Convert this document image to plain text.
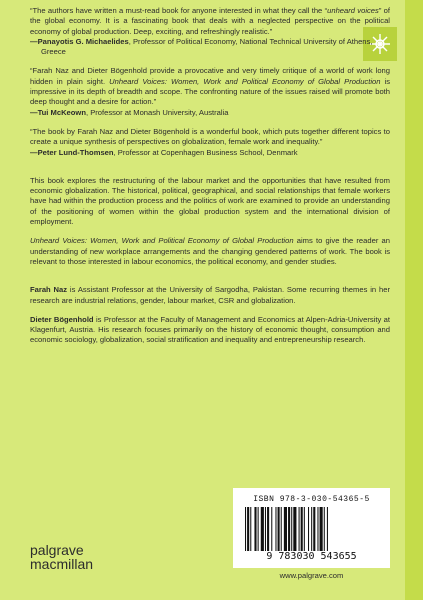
“The authors have written a must-read book for anyone interested in what they call the “unheard voices” of the global economy. It is a fascinating book that deals with a neglected perspective on the political economy of global production. Deep, exciting, and refreshingly realistic.”

—Panayotis G. Michaelides, Professor of Political Economy, National Technical University of Athens, Greece

“Farah Naz and Dieter Bögenhold provide a provocative and very timely critique of a world of work long hidden in plain sight. Unheard Voices: Women, Work and Political Economy of Global Production is impressive in its depth of breadth and scope. The confronting nature of the issues raised will promote both deep thought and a desire for action.”

—Tui McKeown, Professor at Monash University, Australia

“The book by Farah Naz and Dieter Bögenhold is a wonderful book, which puts together different topics to create a unique synthesis of perspectives on globalization, female work and inequality.”

—Peter Lund-Thomsen, Professor at Copenhagen Business School, Denmark

This book explores the restructuring of the labour market and the opportunities that have resulted from economic globalization. The historical, political, geographical, and social relationships that female workers have had within the production process and the politics of work are examined to provide an understanding of the positioning of women within the global production system and the international division of employment.

Unheard Voices: Women, Work and Political Economy of Global Production aims to give the reader an understanding of new workplace arrangements and the changing gendered patterns of work. The book is relevant to those interested in labour economics, the political economy, and gender studies.

Farah Naz is Assistant Professor at the University of Sargodha, Pakistan. Some recurring themes in her research are industrial relations, gender, labour market, CSR and globalization.

Dieter Bögenhold is Professor at the Faculty of Management and Economics at Alpen-Adria-University at Klagenfurt, Austria. His research focuses primarily on the history of economic thought, consumption and economic sociology, globalization, social stratification and inequality and entrepreneurship research.

ISBN 978-3-030-54365-5
9 783030 543655
www.palgrave.com
palgrave
macmillan
